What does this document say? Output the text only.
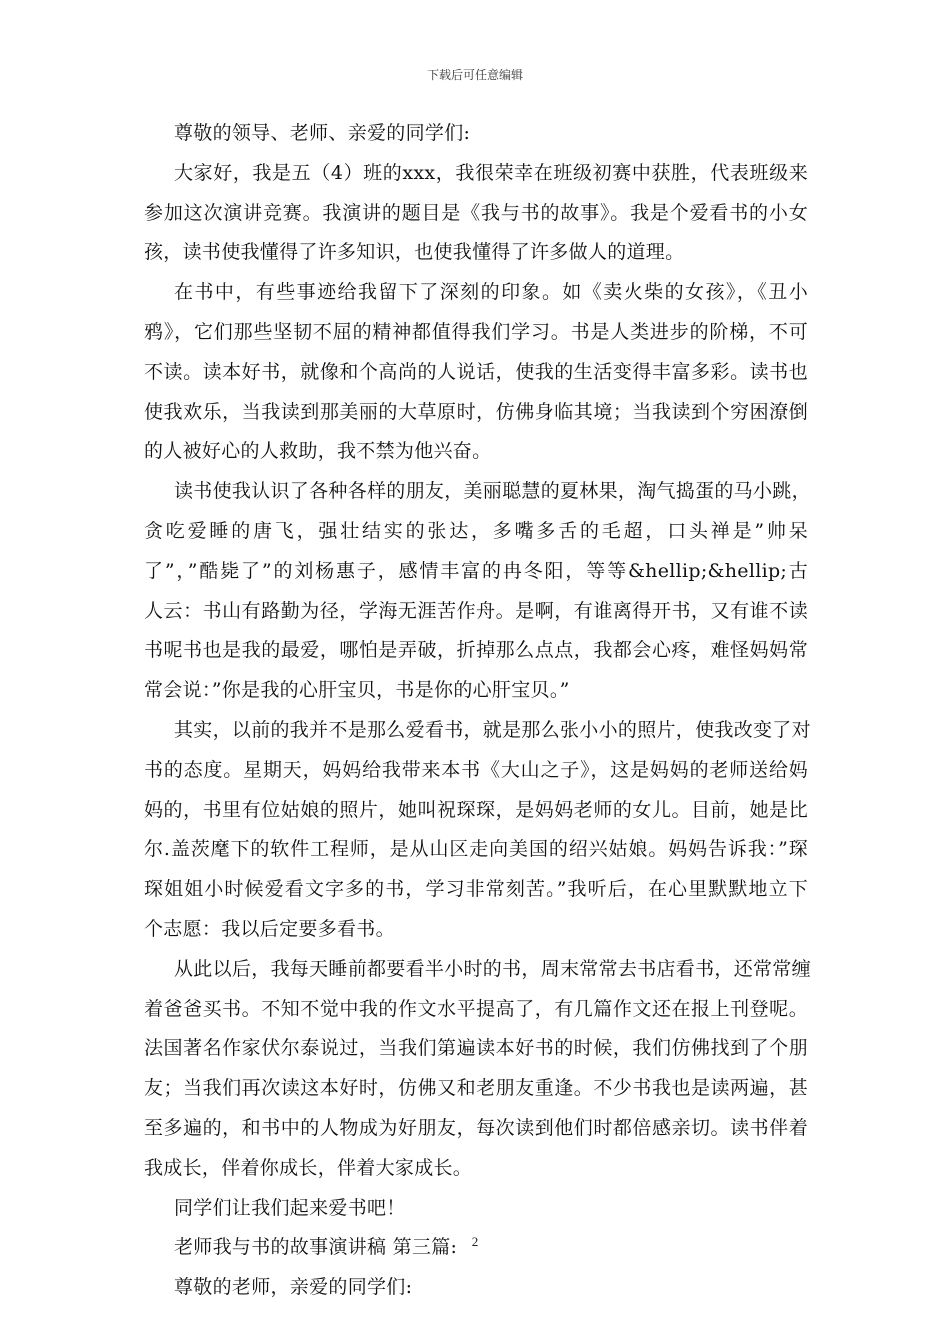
下载后可任意编辑
尊敬的领导、老师、亲爱的同学们:
大家好，我是五（4）班的xxx，我很荣幸在班级初赛中获胜，代表班级来
参加这次演讲竞赛。我演讲的题目是《我与书的故事》。我是个爱看书的小女
孩，读书使我懂得了许多知识，也使我懂得了许多做人的道理。
在书中，有些事迹给我留下了深刻的印象。如《卖火柴的女孩》，《丑小
鸦》，它们那些坚韧不屈的精神都值得我们学习。书是人类进步的阶梯，不可
不读。读本好书，就像和个高尚的人说话，使我的生活变得丰富多彩。读书也
使我欢乐，当我读到那美丽的大草原时，仿佛身临其境；当我读到个穷困潦倒
的人被好心的人救助，我不禁为他兴奋。
读书使我认识了各种各样的朋友，美丽聪慧的夏林果，淘气捣蛋的马小跳，
贪吃爱睡的唐飞，强壮结实的张达，多嘴多舌的毛超，口头禅是”帅呆
了”，”酷毙了”的刘杨惠子，感情丰富的冉冬阳，等等&hellip;&hellip;古
人云：书山有路勤为径，学海无涯苦作舟。是啊，有谁离得开书，又有谁不读
书呢书也是我的最爱，哪怕是弄破，折掉那么点点，我都会心疼，难怪妈妈常
常会说：”你是我的心肝宝贝，书是你的心肝宝贝。”
其实，以前的我并不是那么爱看书，就是那么张小小的照片，使我改变了对
书的态度。星期天，妈妈给我带来本书《大山之子》，这是妈妈的老师送给妈
妈的，书里有位姑娘的照片，她叫祝琛琛，是妈妈老师的女儿。目前，她是比
尔.盖茨麾下的软件工程师，是从山区走向美国的绍兴姑娘。妈妈告诉我：”琛
琛姐姐小时候爱看文字多的书，学习非常刻苦。”我听后，在心里默默地立下
个志愿：我以后定要多看书。
从此以后，我每天睡前都要看半小时的书，周末常常去书店看书，还常常缠
着爸爸买书。不知不觉中我的作文水平提高了，有几篇作文还在报上刊登呢。
法国著名作家伏尔泰说过，当我们第遍读本好书的时候，我们仿佛找到了个朋
友；当我们再次读这本好时，仿佛又和老朋友重逢。不少书我也是读两遍，甚
至多遍的，和书中的人物成为好朋友，每次读到他们时都倍感亲切。读书伴着
我成长，伴着你成长，伴着大家成长。
同学们让我们起来爱书吧！
老师我与书的故事演讲稿 第三篇:
尊敬的老师，亲爱的同学们:
2
